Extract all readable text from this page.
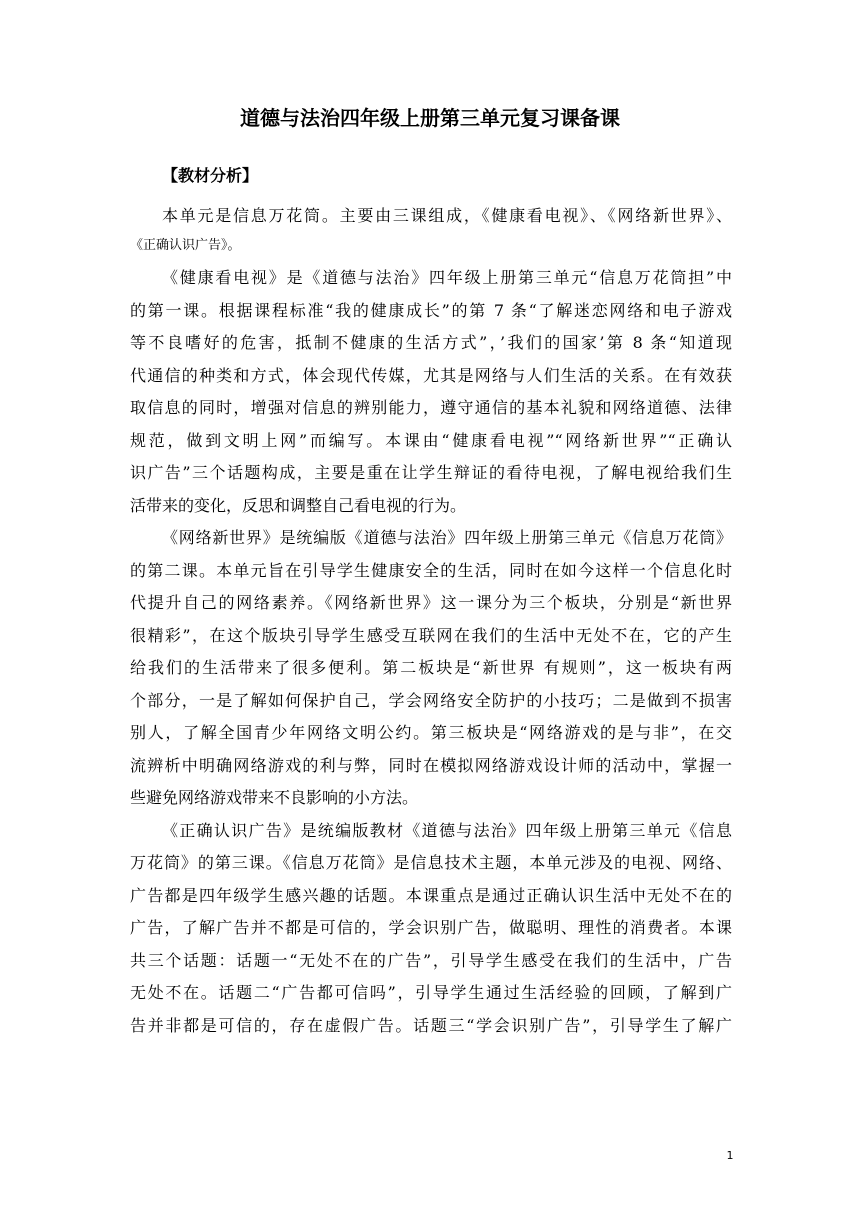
道德与法治四年级上册第三单元复习课备课
【教材分析】
本单元是信息万花筒。主要由三课组成，《健康看电视》、《网络新世界》、
《正确认识广告》。
《健康看电视》是《道德与法治》四年级上册第三单元“信息万花筒担”中
的第一课。根据课程标准“我的健康成长”的第 7 条“了解迷恋网络和电子游戏
等不良嗜好的危害，抵制不健康的生活方式”，’我们的国家’第 8 条“知道现
代通信的种类和方式，体会现代传媒，尤其是网络与人们生活的关系。在有效获
取信息的同时，增强对信息的辨别能力，遵守通信的基本礼貌和网络道德、法律
规范，做到文明上网”而编写。本课由“健康看电视”“网络新世界”“正确认
识广告”三个话题构成，主要是重在让学生辩证的看待电视，了解电视给我们生
活带来的变化，反思和调整自己看电视的行为。
《网络新世界》是统编版《道德与法治》四年级上册第三单元《信息万花筒》
的第二课。本单元旨在引导学生健康安全的生活，同时在如今这样一个信息化时
代提升自己的网络素养。《网络新世界》这一课分为三个板块，分别是“新世界
很精彩”，在这个版块引导学生感受互联网在我们的生活中无处不在，它的产生
给我们的生活带来了很多便利。第二板块是“新世界 有规则”，这一板块有两
个部分，一是了解如何保护自己，学会网络安全防护的小技巧；二是做到不损害
别人，了解全国青少年网络文明公约。第三板块是“网络游戏的是与非”，在交
流辨析中明确网络游戏的利与弊，同时在模拟网络游戏设计师的活动中，掌握一
些避免网络游戏带来不良影响的小方法。
《正确认识广告》是统编版教材《道德与法治》四年级上册第三单元《信息
万花筒》的第三课。《信息万花筒》是信息技术主题，本单元涉及的电视、网络、
广告都是四年级学生感兴趣的话题。本课重点是通过正确认识生活中无处不在的
广告，了解广告并不都是可信的，学会识别广告，做聪明、理性的消费者。本课
共三个话题：话题一“无处不在的广告”，引导学生感受在我们的生活中，广告
无处不在。话题二“广告都可信吗”，引导学生通过生活经验的回顾，了解到广
告并非都是可信的，存在虚假广告。话题三“学会识别广告”，引导学生了解广
1
